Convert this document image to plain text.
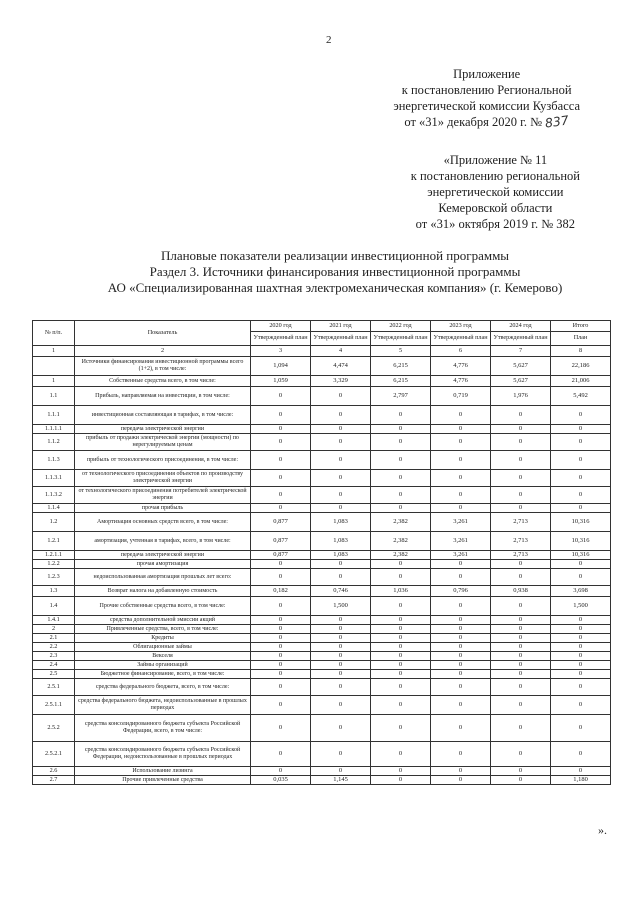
2
Приложение
к постановлению Региональной
энергетической комиссии Кузбасса
от «31» декабря 2020 г. № 837
«Приложение № 11
к постановлению региональной
энергетической комиссии
Кемеровской области
от «31» октября 2019 г. № 382
Плановые показатели реализации инвестиционной программы
Раздел 3. Источники финансирования инвестиционной программы
АО «Специализированная шахтная электромеханическая компания» (г. Кемерово)
№ п/п.	Показатель	2020 год	2021 год	2022 год	2023 год	2024 год	Итого
		Утвержденный план	Утвержденный план	Утвержденный план	Утвержденный план	Утвержденный план	План
1	2	3	4	5	6	7	8
	Источники финансирования инвестиционной программы всего (1+2), в том числе:	1,094	4,474	6,215	4,776	5,627	22,186
1	Собственные средства всего, в том числе:	1,059	3,329	6,215	4,776	5,627	21,006
1.1	Прибыль, направляемая на инвестиции, в том числе:	0	0	2,797	0,719	1,976	5,492
1.1.1	инвестиционная составляющая в тарифах, в том числе:	0	0	0	0	0	0
1.1.1.1	передача электрической энергии	0	0	0	0	0	0
1.1.2	прибыль от продажи электрической энергии (мощности) по нерегулируемым ценам	0	0	0	0	0	0
1.1.3	прибыль от технологического присоединения, в том числе:	0	0	0	0	0	0
1.1.3.1	от технологического присоединения объектов по производству электрической энергии	0	0	0	0	0	0
1.1.3.2	от технологического присоединения потребителей электрической энергии	0	0	0	0	0	0
1.1.4	прочая прибыль	0	0	0	0	0	0
1.2	Амортизация основных средств всего, в том числе:	0,877	1,083	2,382	3,261	2,713	10,316
1.2.1	амортизация, учтенная в тарифах, всего, в том числе:	0,877	1,083	2,382	3,261	2,713	10,316
1.2.1.1	передача электрической энергии	0,877	1,083	2,382	3,261	2,713	10,316
1.2.2	прочая амортизация	0	0	0	0	0	0
1.2.3	недоиспользованная амортизация прошлых лет всего:	0	0	0	0	0	0
1.3	Возврат налога на добавленную стоимость	0,182	0,746	1,036	0,796	0,938	3,698
1.4	Прочие собственные средства всего, в том числе:	0	1,500	0	0	0	1,500
1.4.1	средства дополнительной эмиссии акций	0	0	0	0	0	0
2	Привлеченные средства, всего, в том числе:	0	0	0	0	0	0
2.1	Кредиты	0	0	0	0	0	0
2.2	Облигационные займы	0	0	0	0	0	0
2.3	Векселя	0	0	0	0	0	0
2.4	Займы организаций	0	0	0	0	0	0
2.5	Бюджетное финансирование, всего, в том числе:	0	0	0	0	0	0
2.5.1	средства федерального бюджета, всего, в том числе:	0	0	0	0	0	0
2.5.1.1	средства федерального бюджета, недоиспользованные в прошлых периодах	0	0	0	0	0	0
2.5.2	средства консолидированного бюджета субъекта Российской Федерации, всего, в том числе:	0	0	0	0	0	0
2.5.2.1	средства консолидированного бюджета субъекта Российской Федерации, недоиспользованные в прошлых периодах	0	0	0	0	0	0
2.6	Использование лизинга	0	0	0	0	0	0
2.7	Прочие привлеченные средства	0,035	1,145	0	0	0	1,180
».
